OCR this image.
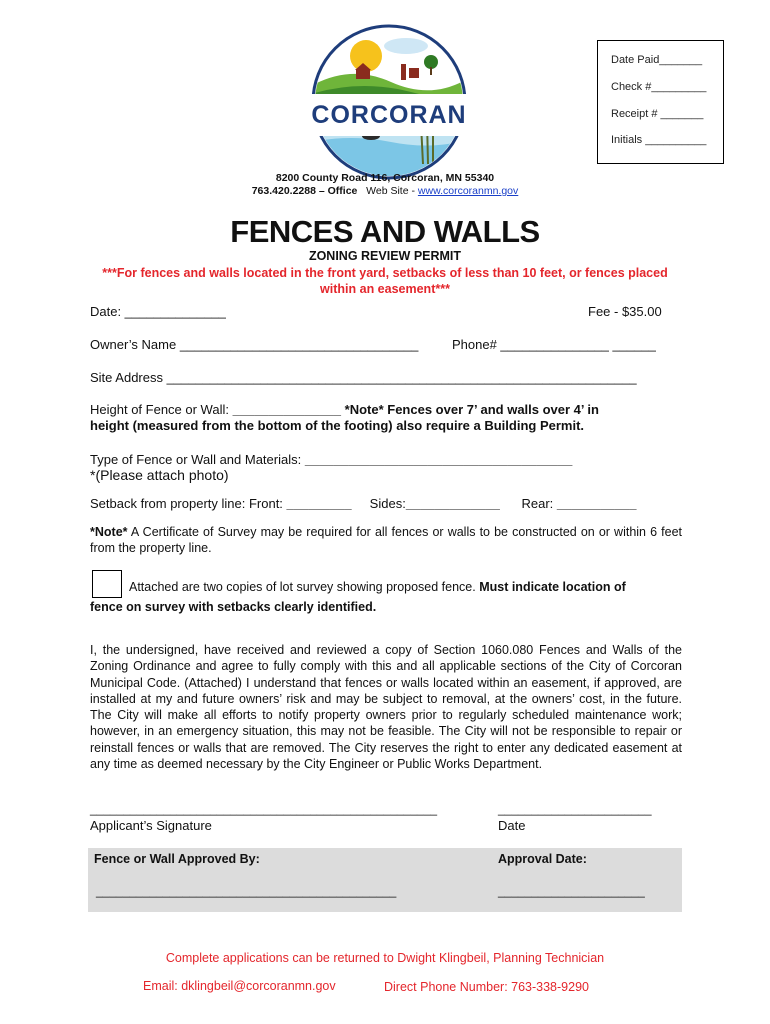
Date Paid_______
Check #_________
Receipt # _______
Initials __________
CORCORAN
8200 County Road 116, Corcoran, MN 55340
763.420.2288 – Office Web Site - www.corcoranmn.gov
FENCES AND WALLS
ZONING REVIEW PERMIT
***For fences and walls located in the front yard, setbacks of less than 10 feet, or fences placed
within an easement***
Date: ______________	Fee - $35.00
Owner’s Name _________________________________	Phone# _______________ ______
Site Address _________________________________________________________________
Height of Fence or Wall: _______________ *Note* Fences over 7’ and walls over 4’ in
height (measured from the bottom of the footing) also require a Building Permit.
Type of Fence or Wall and Materials: _____________________________________
*(Please attach photo)
Setback from property line: Front: _________ Sides:_____________ Rear: ___________
*Note* A Certificate of Survey may be required for all fences or walls to be constructed on or within 6 feet from the property line.
Attached are two copies of lot survey showing proposed fence. Must indicate location of
fence on survey with setbacks clearly identified.
I, the undersigned, have received and reviewed a copy of Section 1060.080 Fences and Walls of the Zoning Ordinance and agree to fully comply with this and all applicable sections of the City of Corcoran Municipal Code. (Attached) I understand that fences or walls located within an easement, if approved, are installed at my and future owners’ risk and may be subject to removal, at the owners’ cost, in the future. The City will make all efforts to notify property owners prior to regularly scheduled maintenance work; however, in an emergency situation, this may not be feasible. The City will not be responsible to repair or reinstall fences or walls that are removed. The City reserves the right to enter any dedicated easement at any time as deemed necessary by the City Engineer or Public Works Department.
____________________________________________________
Applicant’s Signature
_______________________
Date
Fence or Wall Approved By:	Approval Date:
_____________________________________________	______________________
Complete applications can be returned to Dwight Klingbeil, Planning Technician
Email: dklingbeil@corcoranmn.gov	Direct Phone Number: 763-338-9290
